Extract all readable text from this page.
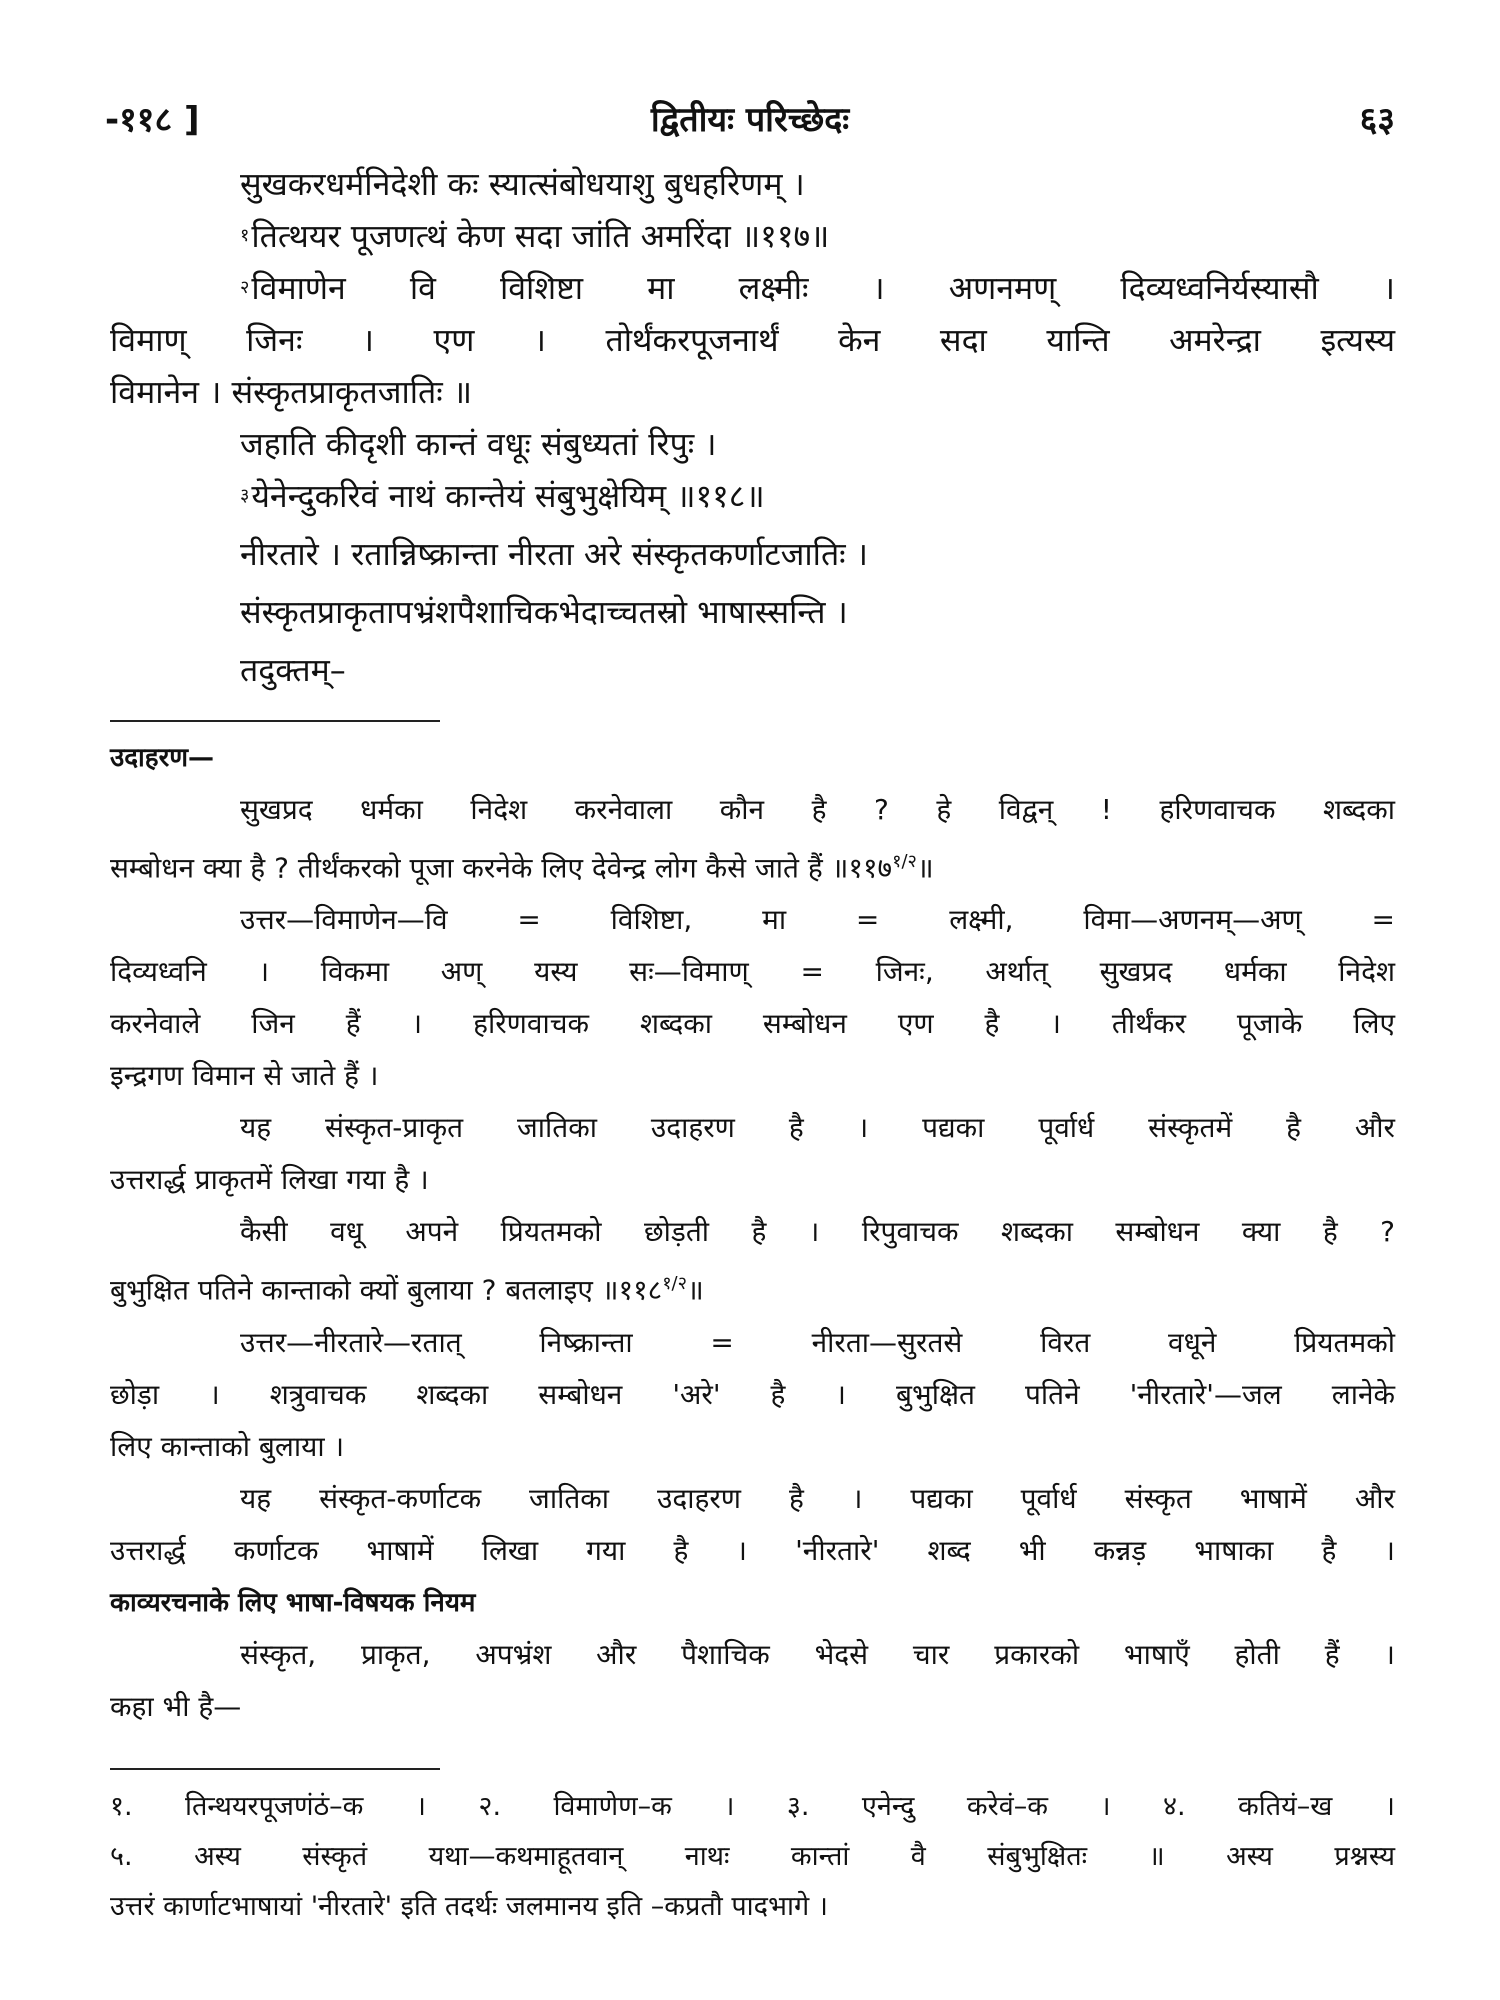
-११८ ]	द्वितीयः परिच्छेदः	६३
सुखकरधर्मनिदेशी कः स्यात्संबोधयाशु बुधहरिणम् ।
$^१$तित्थयर पूजणत्थं केण सदा जांति अमरिंदा ॥११७॥
$^२$विमाणेन वि विशिष्टा मा लक्ष्मीः । अणनमण् दिव्यध्वनिर्यस्यासौ ।
विमाण् जिनः । एण । तोर्थंकरपूजनार्थं केन सदा यान्ति अमरेन्द्रा इत्यस्य
विमानेन । संस्कृतप्राकृतजातिः ॥
जहाति कीदृशी कान्तं वधूः संबुध्यतां रिपुः ।
$^३$येनेन्दुकरिवं नाथं कान्तेयं संबुभुक्षेयिम् ॥११८॥
नीरतारे । रतान्निष्क्रान्ता नीरता अरे संस्कृतकर्णाटजातिः ।
संस्कृतप्राकृतापभ्रंशपैशाचिकभेदाच्चतस्रो भाषास्सन्ति ।
तदुक्तम्–
उदाहरण—
सुखप्रद धर्मका निदेश करनेवाला कौन है ? हे विद्वन् ! हरिणवाचक शब्दका
सम्बोधन क्या है ? तीर्थंकरको पूजा करनेके लिए देवेन्द्र लोग कैसे जाते हैं $॥११७^{१/२}॥$
उत्तर—विमाणेन—वि = विशिष्टा, मा = लक्ष्मी, विमा—अणनम्—अण् =
दिव्यध्वनि । विकमा अण् यस्य सः—विमाण् = जिनः, अर्थात् सुखप्रद धर्मका निदेश
करनेवाले जिन हैं । हरिणवाचक शब्दका सम्बोधन एण है । तीर्थंकर पूजाके लिए
इन्द्रगण विमान से जाते हैं ।
यह संस्कृत-प्राकृत जातिका उदाहरण है । पद्यका पूर्वार्ध संस्कृतमें है और
उत्तरार्द्ध प्राकृतमें लिखा गया है ।
कैसी वधू अपने प्रियतमको छोड़ती है । रिपुवाचक शब्दका सम्बोधन क्या है ?
बुभुक्षित पतिने कान्ताको क्यों बुलाया ? बतलाइए $॥११८^{१/२}॥$
उत्तर—नीरतारे—रतात् निष्क्रान्ता = नीरता—सुरतसे विरत वधूने प्रियतमको
छोड़ा । शत्रुवाचक शब्दका सम्बोधन 'अरे' है । बुभुक्षित पतिने 'नीरतारे'—जल लानेके
लिए कान्ताको बुलाया ।
यह संस्कृत-कर्णाटक जातिका उदाहरण है । पद्यका पूर्वार्ध संस्कृत भाषामें और
उत्तरार्द्ध कर्णाटक भाषामें लिखा गया है । 'नीरतारे' शब्द भी कन्नड़ भाषाका है ।
काव्यरचनाके लिए भाषा-विषयक नियम
संस्कृत, प्राकृत, अपभ्रंश और पैशाचिक भेदसे चार प्रकारको भाषाएँ होती हैं ।
कहा भी है—
१. तिन्थयरपूजणंठं–क । २. विमाणेण–क । ३. एनेन्दु करेवं–क । ४. कतियं–ख ।
५. अस्य संस्कृतं यथा—कथमाहूतवान् नाथः कान्तां वै संबुभुक्षितः ॥ अस्य प्रश्नस्य
उत्तरं कार्णाटभाषायां 'नीरतारे' इति तदर्थः जलमानय इति –कप्रतौ पादभागे ।
